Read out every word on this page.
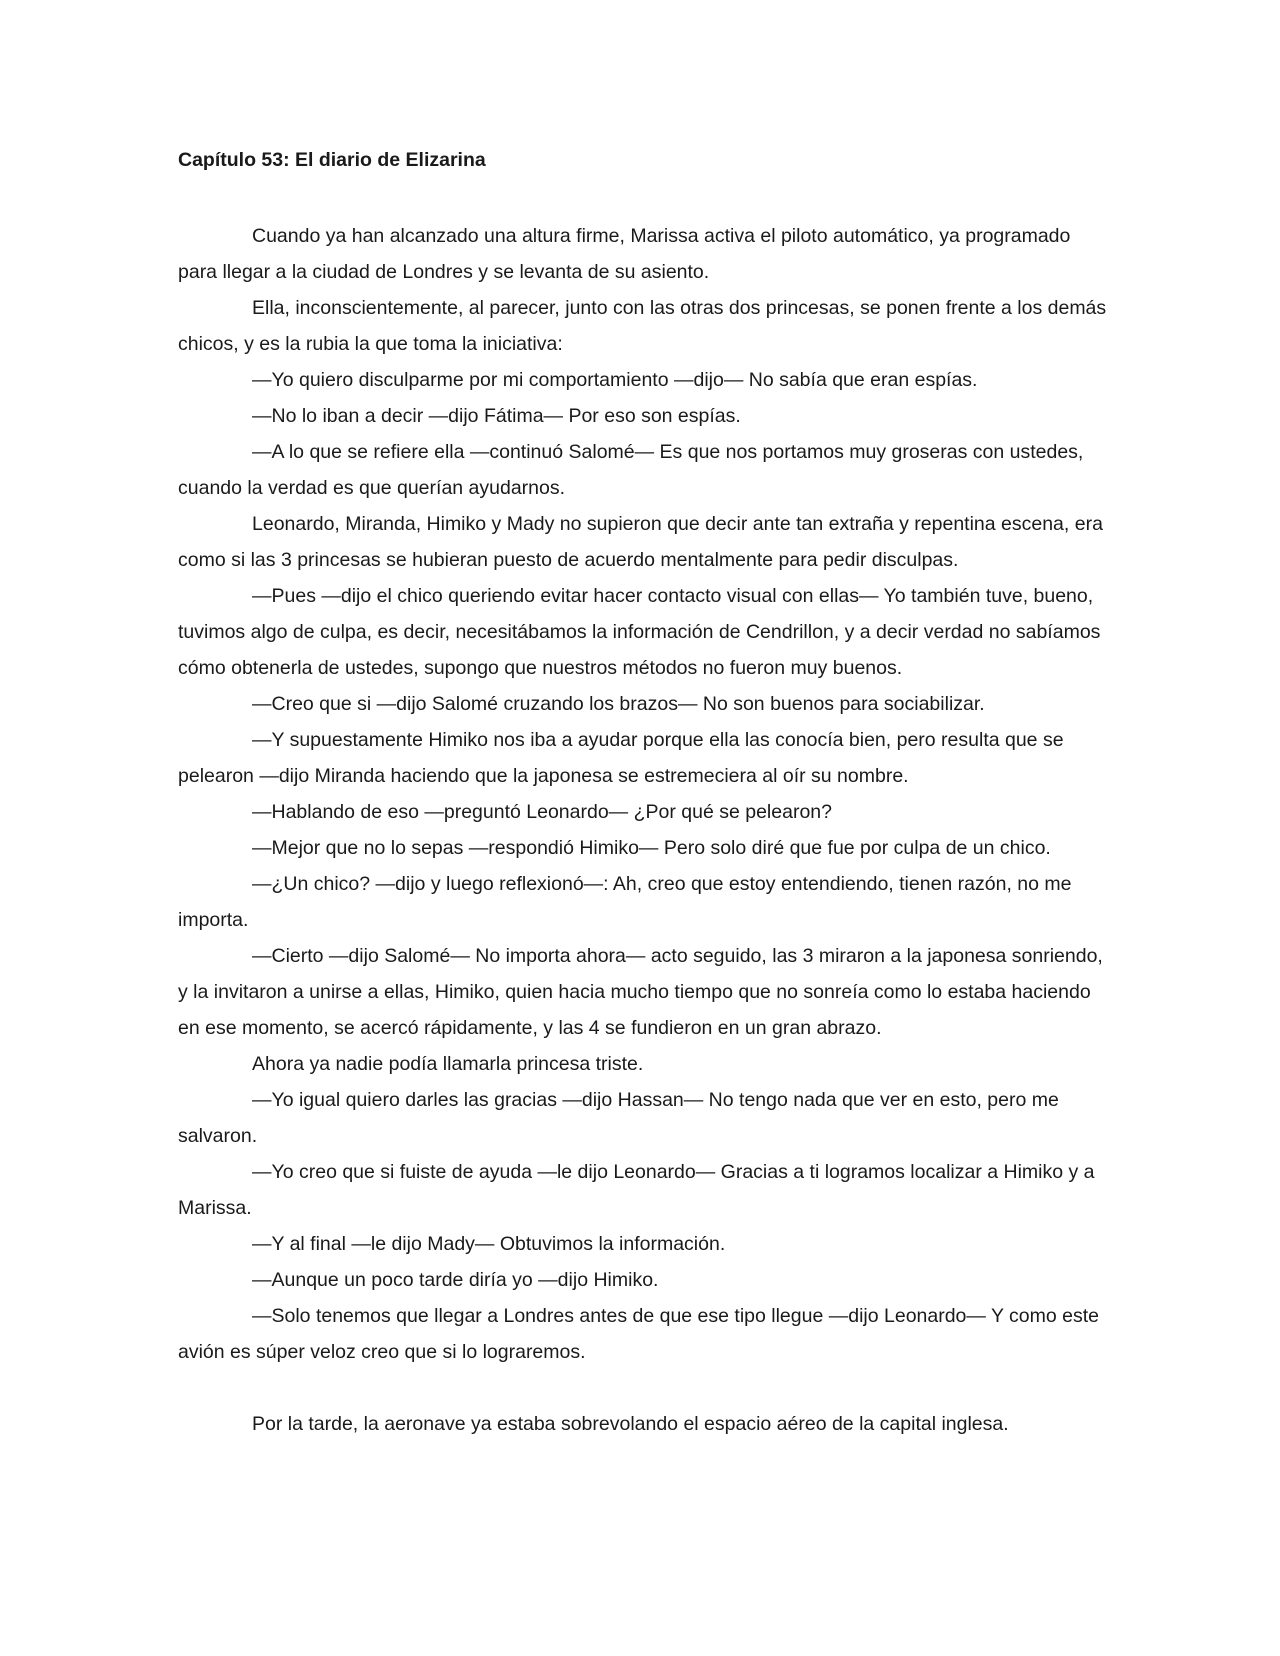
Capítulo 53: El diario de Elizarina

Cuando ya han alcanzado una altura firme, Marissa activa el piloto automático, ya programado para llegar a la ciudad de Londres y se levanta de su asiento.

Ella, inconscientemente, al parecer, junto con las otras dos princesas, se ponen frente a los demás chicos, y es la rubia la que toma la iniciativa:

—Yo quiero disculparme por mi comportamiento —dijo— No sabía que eran espías.

—No lo iban a decir —dijo Fátima— Por eso son espías.

—A lo que se refiere ella —continuó Salomé— Es que nos portamos muy groseras con ustedes, cuando la verdad es que querían ayudarnos.

Leonardo, Miranda, Himiko y Mady no supieron que decir ante tan extraña y repentina escena, era como si las 3 princesas se hubieran puesto de acuerdo mentalmente para pedir disculpas.

—Pues —dijo el chico queriendo evitar hacer contacto visual con ellas— Yo también tuve, bueno, tuvimos algo de culpa, es decir, necesitábamos la información de Cendrillon, y a decir verdad no sabíamos cómo obtenerla de ustedes, supongo que nuestros métodos no fueron muy buenos.

—Creo que si —dijo Salomé cruzando los brazos— No son buenos para sociabilizar.

—Y supuestamente Himiko nos iba a ayudar porque ella las conocía bien, pero resulta que se pelearon —dijo Miranda haciendo que la japonesa se estremeciera al oír su nombre.

—Hablando de eso —preguntó Leonardo— ¿Por qué se pelearon?

—Mejor que no lo sepas —respondió Himiko— Pero solo diré que fue por culpa de un chico.

—¿Un chico? —dijo y luego reflexionó—: Ah, creo que estoy entendiendo, tienen razón, no me importa.

—Cierto —dijo Salomé— No importa ahora— acto seguido, las 3 miraron a la japonesa sonriendo, y la invitaron a unirse a ellas, Himiko, quien hacia mucho tiempo que no sonreía como lo estaba haciendo en ese momento, se acercó rápidamente, y las 4 se fundieron en un gran abrazo.

Ahora ya nadie podía llamarla princesa triste.

—Yo igual quiero darles las gracias —dijo Hassan— No tengo nada que ver en esto, pero me salvaron.

—Yo creo que si fuiste de ayuda —le dijo Leonardo— Gracias a ti logramos localizar a Himiko y a Marissa.

—Y al final —le dijo Mady— Obtuvimos la información.

—Aunque un poco tarde diría yo —dijo Himiko.

—Solo tenemos que llegar a Londres antes de que ese tipo llegue —dijo Leonardo— Y como este avión es súper veloz creo que si lo lograremos.

Por la tarde, la aeronave ya estaba sobrevolando el espacio aéreo de la capital inglesa.
